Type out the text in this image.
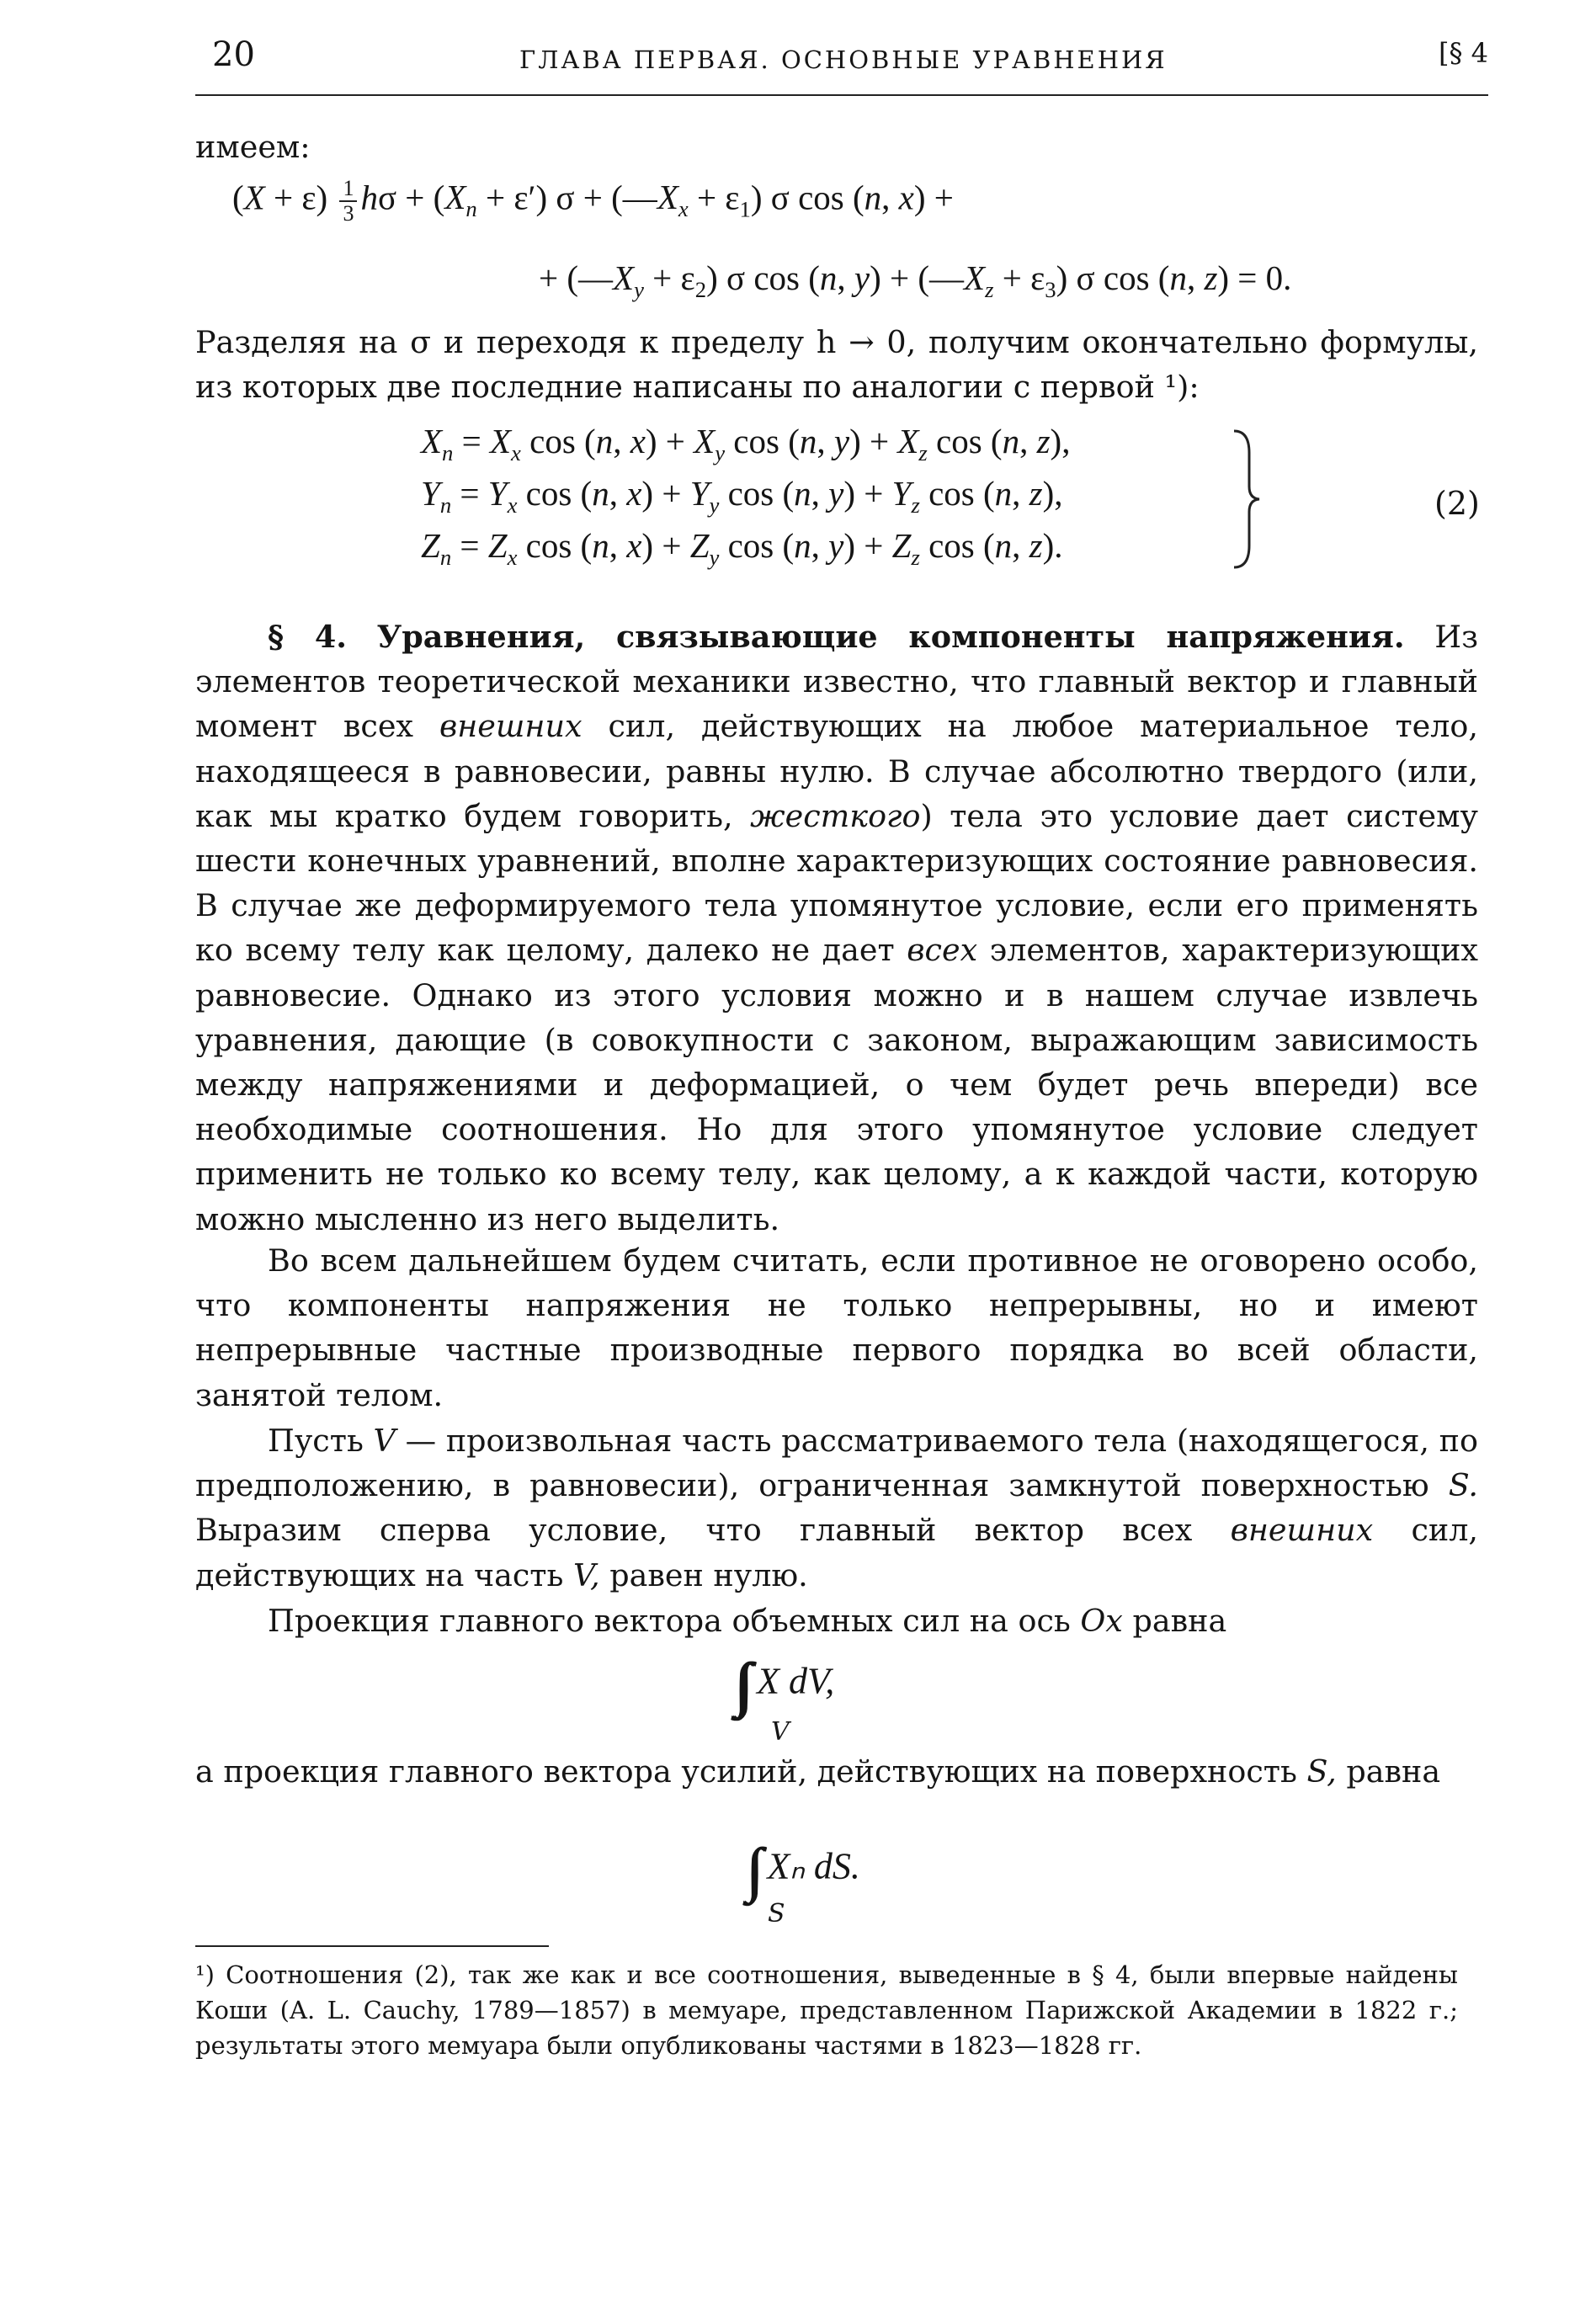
20	ГЛАВА ПЕРВАЯ. ОСНОВНЫЕ УРАВНЕНИЯ	[§ 4
имеем:
$(X + \varepsilon) \frac{1}{3}$ $h\sigma + (X_n + \varepsilon') \sigma$ + $(—X_x + \varepsilon_1)$ σ cos (n, x) +
+ $(—X_y + \varepsilon_2)$ σ cos (n, $y) + (—X_z + \varepsilon_3)$ σ cos (n, z) = 0.
Разделяя на σ и переходя к пределу h → 0, получим окончательно формулы, из которых две последние написаны по аналогии с первой ¹):
$X_n = X_x$ cos (n, $x) + X_y$ cos (n, $y) + X_z$ cos (n, z),
$Y_n = Y_x$ cos (n, $x) + Y_y$ cos (n, $y) + Y_z$ cos (n, z),
$Z_n = Z_x$ cos (n, $x) + Z_y$ cos (n, $y) + Z_z$ cos (n, z).
(2)
§ 4. Уравнения, связывающие компоненты напряжения. Из элементов теоретической механики известно, что главный вектор и главный момент всех внешних сил, действующих на любое материальное тело, находящееся в равновесии, равны нулю. В случае абсолютно твердого (или, как мы кратко будем говорить, жесткого) тела это условие дает систему шести конечных уравнений, вполне характеризующих состояние равновесия. В случае же деформируемого тела упомянутое условие, если его применять ко всему телу как целому, далеко не дает всех элементов, характеризующих равновесие. Однако из этого условия можно и в нашем случае извлечь уравнения, дающие (в совокупности с законом, выражающим зависимость между напряжениями и деформацией, о чем будет речь впереди) все необходимые соотношения. Но для этого упомянутое условие следует применить не только ко всему телу, как целому, а к каждой части, которую можно мысленно из него выделить.
Во всем дальнейшем будем считать, если противное не оговорено особо, что компоненты напряжения не только непрерывны, но и имеют непрерывные частные производные первого порядка во всей области, занятой телом.
Пусть V — произвольная часть рассматриваемого тела (находящегося, по предположению, в равновесии), ограниченная замкнутой поверхностью S. Выразим сперва условие, что главный вектор всех внешних сил, действующих на часть V, равен нулю.
Проекция главного вектора объемных сил на ось Ox равна
∫∫∫ X dV,
V
а проекция главного вектора усилий, действующих на поверхность S, равна
∫∫ Xₙ dS.
S
¹) Соотношения (2), так же как и все соотношения, выведенные в § 4, были впервые найдены Коши (A. L. Cauchy, 1789—1857) в мемуаре, представленном Парижской Академии в 1822 г.; результаты этого мемуара были опубликованы частями в 1823—1828 гг.
